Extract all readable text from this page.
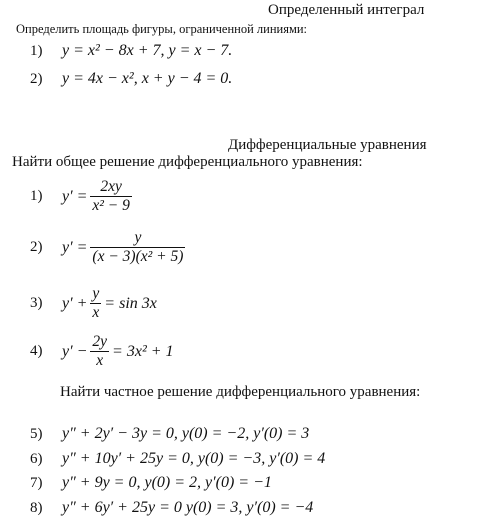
Определенный интеграл
Определить площадь фигуры, ограниченной линиями:
1)	y = x² − 8x + 7, y = x − 7.
2)	y = 4x − x², x + y − 4 = 0.
Дифференциальные уравнения
Найти общее решение дифференциального уравнения:
1)	$y' = \frac{2xy}{\text{x² − 9}}$
2)	$y' = \frac{y}{\text{(x − 3)(x² + 5)}}$
3)	$y' + \frac{y}{x} = \sin 3x$
4)	$y' - \frac{2y}{x} = 3x^2 + 1$
Найти частное решение дифференциального уравнения:
5)	y″ + 2y′ − 3y = 0, y(0) = −2, y′(0) = 3
6)	y″ + 10y′ + 25y = 0, y(0) = −3, y′(0) = 4
7)	y″ + 9y = 0, y(0) = 2, y′(0) = −1
8)	y″ + 6y′ + 25y = 0 y(0) = 3, y′(0) = −4
